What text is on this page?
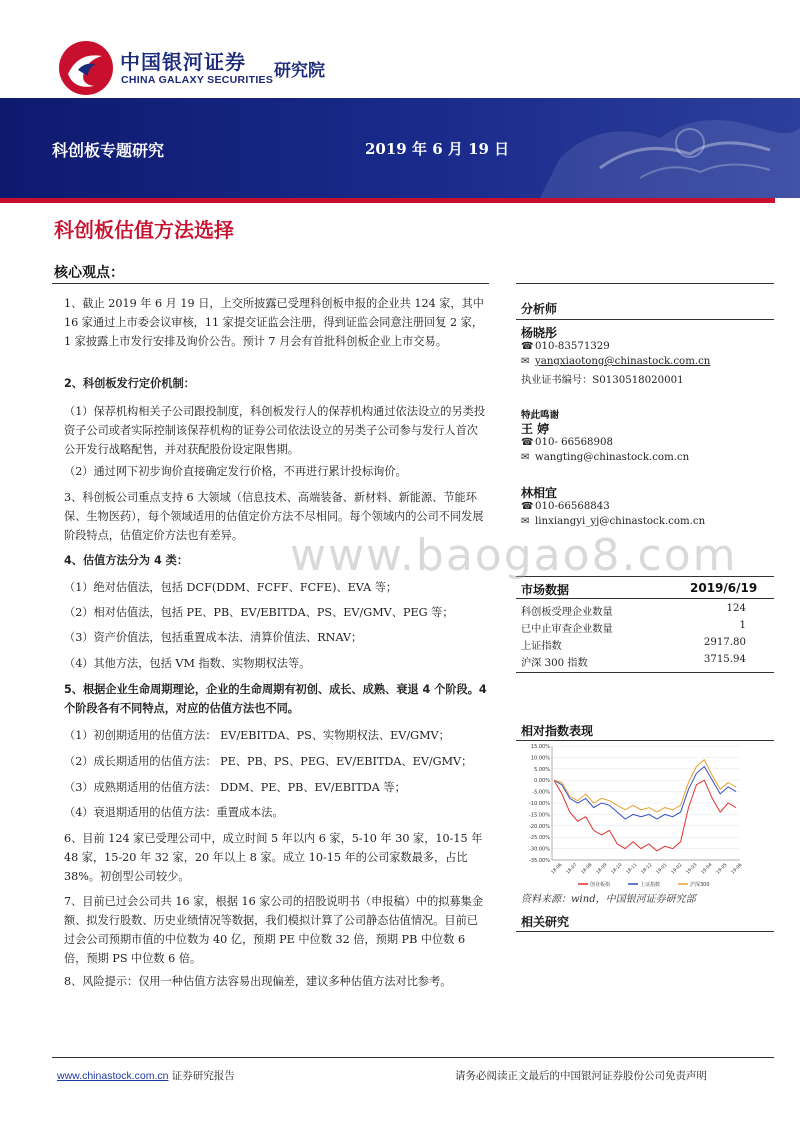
中国银河证券
CHINA GALAXY SECURITIES 研究院
科创板专题研究	2019 年 6 月 19 日
科创板估值方法选择
核心观点：
1、截止 2019 年 6 月 19 日，上交所披露已受理科创板申报的企业共 124 家，其中 16 家通过上市委会议审核，11 家提交证监会注册，得到证监会同意注册回复 2 家，1 家披露上市发行安排及询价公告。预计 7 月会有首批科创板企业上市交易。
2、科创板发行定价机制：
（1）保荐机构相关子公司跟投制度，科创板发行人的保荐机构通过依法设立的另类投资子公司或者实际控制该保荐机构的证券公司依法设立的另类子公司参与发行人首次公开发行战略配售，并对获配股份设定限售期。
（2）通过网下初步询价直接确定发行价格，不再进行累计投标询价。
3、科创板公司重点支持 6 大领域（信息技术、高端装备、新材料、新能源、节能环保、生物医药），每个领域适用的估值定价方法不尽相同。每个领域内的公司不同发展阶段特点，估值定价方法也有差异。
4、估值方法分为 4 类：
（1）绝对估值法，包括 DCF(DDM、FCFF、FCFE)、EVA 等；
（2）相对估值法，包括 PE、PB、EV/EBITDA、PS、EV/GMV、PEG 等；
（3）资产价值法，包括重置成本法、清算价值法、RNAV；
（4）其他方法，包括 VM 指数、实物期权法等。
5、根据企业生命周期理论，企业的生命周期有初创、成长、成熟、衰退 4 个阶段。4 个阶段各有不同特点，对应的估值方法也不同。
（1）初创期适用的估值方法： EV/EBITDA、PS、实物期权法、EV/GMV；
（2）成长期适用的估值方法： PE、PB、PS、PEG、EV/EBITDA、EV/GMV；
（3）成熟期适用的估值方法： DDM、PE、PB、EV/EBITDA 等；
（4）衰退期适用的估值方法：重置成本法。
6、目前 124 家已受理公司中，成立时间 5 年以内 6 家，5-10 年 30 家，10-15 年 48 家，15-20 年 32 家，20 年以上 8 家。成立 10-15 年的公司家数最多，占比 38%。初创型公司较少。
7、目前已过会公司共 16 家，根据 16 家公司的招股说明书（申报稿）中的拟募集金额、拟发行股数、历史业绩情况等数据，我们模拟计算了公司静态估值情况。目前已过会公司预期市值的中位数为 40 亿，预期 PE 中位数 32 倍，预期 PB 中位数 6 倍，预期 PS 中位数 6 倍。
8、风险提示：仅用一种估值方法容易出现偏差，建议多种估值方法对比参考。
分析师
杨晓彤
☎ 010-83571329
✉ yangxiaotong@chinastock.com.cn
执业证书编号：S0130518020001
特此鸣谢
王 婷
☎ 010- 66568908
✉ wangting@chinastock.com.cn
林相宜
☎ 010-66568843
✉ linxiangyi_yj@chinastock.com.cn
市场数据	2019/6/19
科创板受理企业数量	124
已中止审查企业数量	1
上证指数	2917.80
沪深 300 指数	3715.94
相对指数表现
15.00%
10.00%
5.00%
0.00%
-5.00%
-10.00%
-15.00%
-20.00%
-25.00%
-30.00%
-35.00%
18-06 18-07 18-08 18-09 18-10 18-11 18-12 19-01 19-02 19-03 19-04 19-05 19-06
创业板指	上证指数	沪深300
资料来源：wind，中国银河证券研究部
相关研究
www.baogao8.com
www.chinastock.com.cn 证券研究报告	请务必阅读正文最后的中国银河证券股份公司免责声明
